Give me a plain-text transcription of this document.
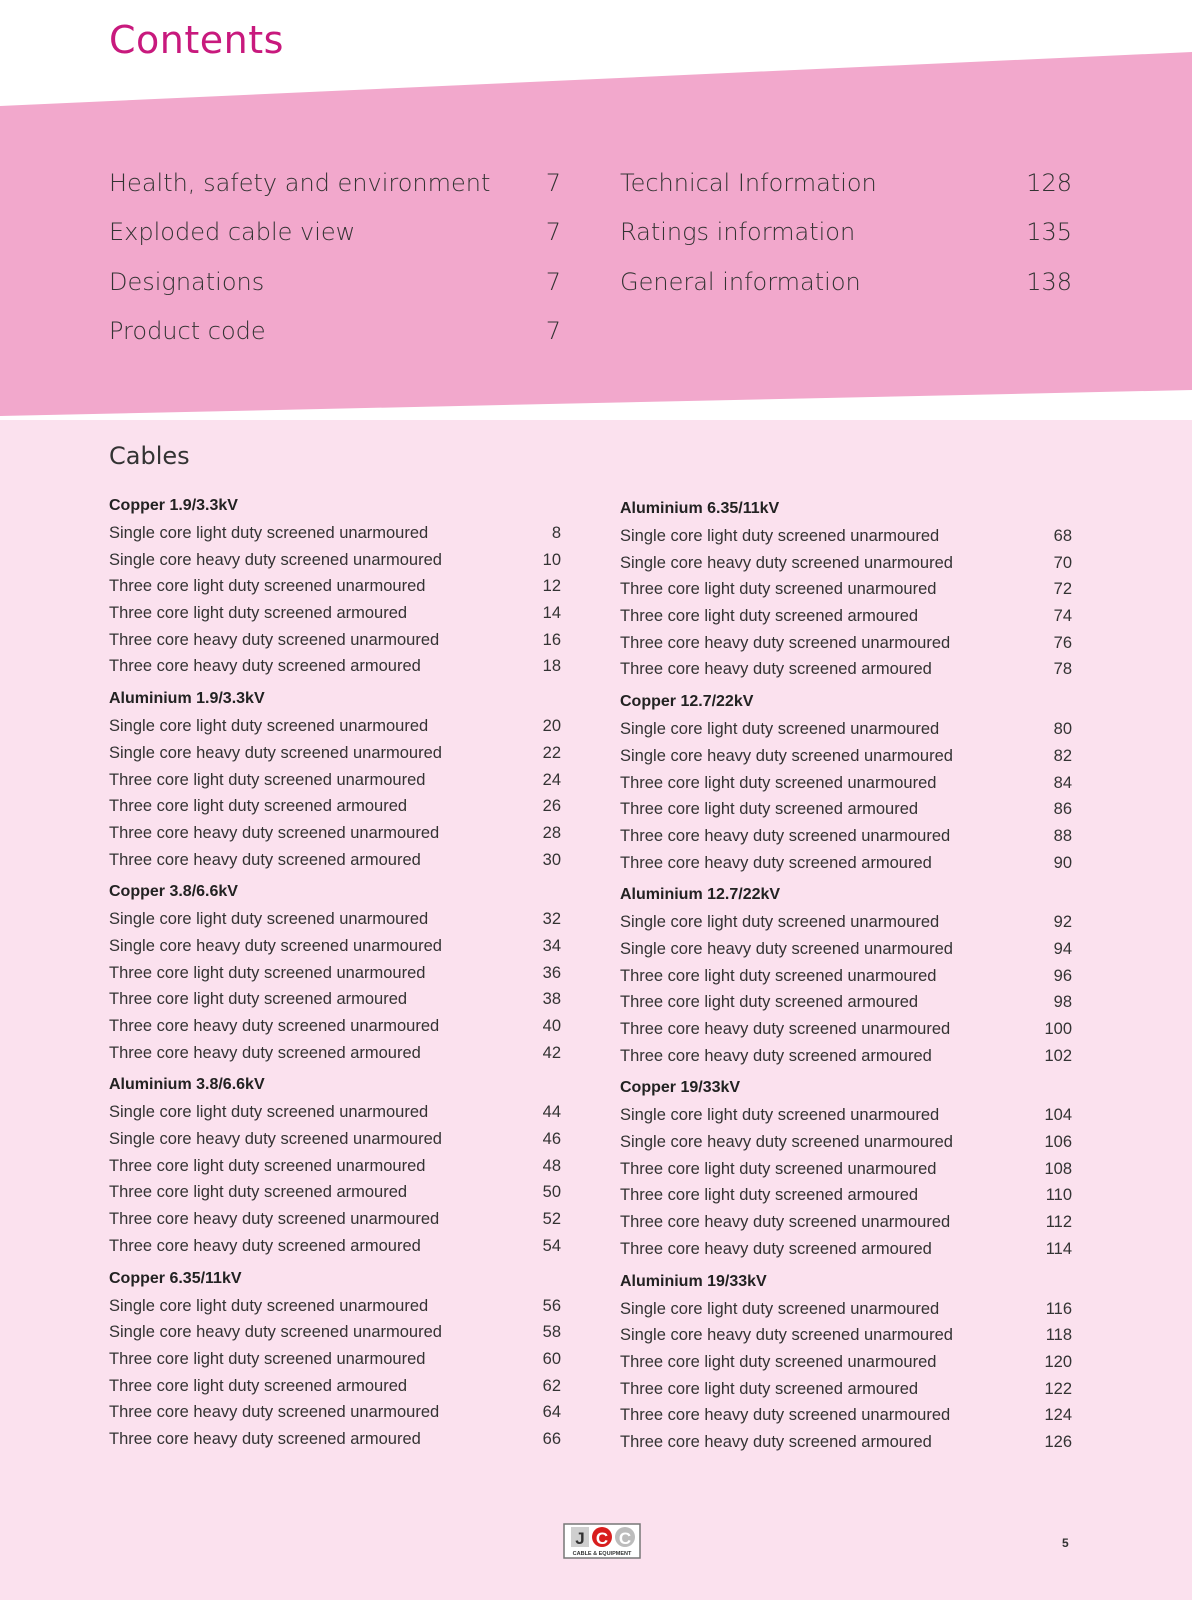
Contents
Health, safety and environment 7
Exploded cable view	7
Designations	7
Product code	7
Technical Information	128
Ratings information	135
General information	138
Cables
Copper 1.9/3.3kV
Single core light duty screened unarmoured	8
Single core heavy duty screened unarmoured	10
Three core light duty screened unarmoured	12
Three core light duty screened armoured	14
Three core heavy duty screened unarmoured	16
Three core heavy duty screened armoured	18
Aluminium 1.9/3.3kV
Single core light duty screened unarmoured	20
Single core heavy duty screened unarmoured	22
Three core light duty screened unarmoured	24
Three core light duty screened armoured	26
Three core heavy duty screened unarmoured	28
Three core heavy duty screened armoured	30
Copper 3.8/6.6kV
Single core light duty screened unarmoured	32
Single core heavy duty screened unarmoured	34
Three core light duty screened unarmoured	36
Three core light duty screened armoured	38
Three core heavy duty screened unarmoured	40
Three core heavy duty screened armoured	42
Aluminium 3.8/6.6kV
Single core light duty screened unarmoured	44
Single core heavy duty screened unarmoured	46
Three core light duty screened unarmoured	48
Three core light duty screened armoured	50
Three core heavy duty screened unarmoured	52
Three core heavy duty screened armoured	54
Copper 6.35/11kV
Single core light duty screened unarmoured	56
Single core heavy duty screened unarmoured	58
Three core light duty screened unarmoured	60
Three core light duty screened armoured	62
Three core heavy duty screened unarmoured	64
Three core heavy duty screened armoured	66
Aluminium 6.35/11kV
Single core light duty screened unarmoured	68
Single core heavy duty screened unarmoured	70
Three core light duty screened unarmoured	72
Three core light duty screened armoured	74
Three core heavy duty screened unarmoured	76
Three core heavy duty screened armoured	78
Copper 12.7/22kV
Single core light duty screened unarmoured	80
Single core heavy duty screened unarmoured	82
Three core light duty screened unarmoured	84
Three core light duty screened armoured	86
Three core heavy duty screened unarmoured	88
Three core heavy duty screened armoured	90
Aluminium 12.7/22kV
Single core light duty screened unarmoured	92
Single core heavy duty screened unarmoured	94
Three core light duty screened unarmoured	96
Three core light duty screened armoured	98
Three core heavy duty screened unarmoured	100
Three core heavy duty screened armoured	102
Copper 19/33kV
Single core light duty screened unarmoured	104
Single core heavy duty screened unarmoured	106
Three core light duty screened unarmoured	108
Three core light duty screened armoured	110
Three core heavy duty screened unarmoured	112
Three core heavy duty screened armoured	114
Aluminium 19/33kV
Single core light duty screened unarmoured	116
Single core heavy duty screened unarmoured	118
Three core light duty screened unarmoured	120
Three core light duty screened armoured	122
Three core heavy duty screened unarmoured	124
Three core heavy duty screened armoured	126
J C C
CABLE & EQUIPMENT
5
